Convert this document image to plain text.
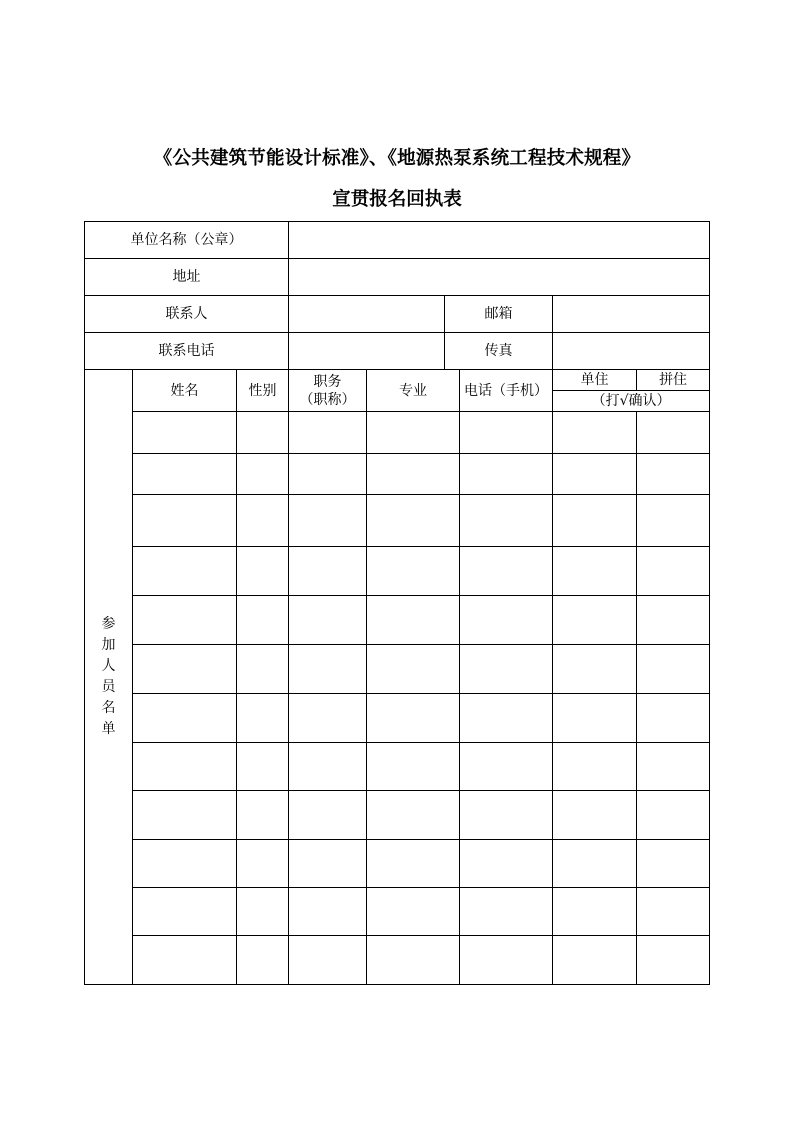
《公共建筑节能设计标准》、《地源热泵系统工程技术规程》
宣贯报名回执表
单位名称（公章）								
地址								
联系人					邮箱			
联系电话					传真			
参加人员名单	姓名	性别	职务
（职称）	专业		电话（手机）	单住	拼住
							（打√确认）	
